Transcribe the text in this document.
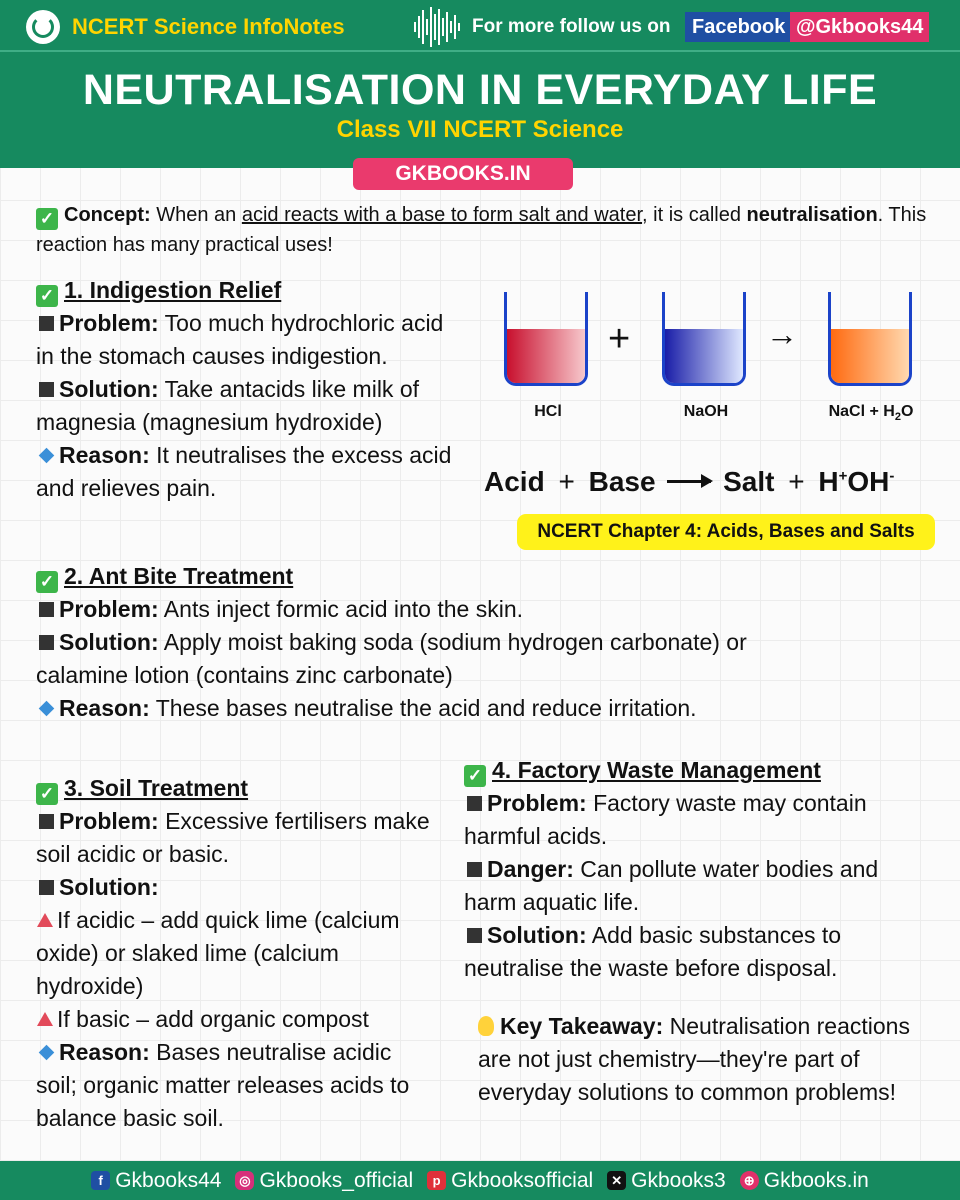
NCERT Science InfoNotes	For more follow us on	Facebook @Gkbooks44
NEUTRALISATION IN EVERYDAY LIFE
Class VII NCERT Science
GKBOOKS.IN
✓ Concept: When an acid reacts with a base to form salt and water, it is called neutralisation. This reaction has many practical uses!
✓ 1. Indigestion Relief
Problem: Too much hydrochloric acid in the stomach causes indigestion.
Solution: Take antacids like milk of magnesia (magnesium hydroxide)
Reason: It neutralises the excess acid and relieves pain.
+	→
HCl	NaOH	NaCl + $H_2O$
Acid + Base Salt + H+OH-
NCERT Chapter 4: Acids, Bases and Salts
✓ 2. Ant Bite Treatment
Problem: Ants inject formic acid into the skin.
Solution: Apply moist baking soda (sodium hydrogen carbonate) or calamine lotion (contains zinc carbonate)
Reason: These bases neutralise the acid and reduce irritation.
✓ 3. Soil Treatment
Problem: Excessive fertilisers make soil acidic or basic.
Solution:
If acidic – add quick lime (calcium oxide) or slaked lime (calcium hydroxide)
If basic – add organic compost
Reason: Bases neutralise acidic soil; organic matter releases acids to balance basic soil.
✓ 4. Factory Waste Management
Problem: Factory waste may contain harmful acids.
Danger: Can pollute water bodies and harm aquatic life.
Solution: Add basic substances to neutralise the waste before disposal.
Key Takeaway: Neutralisation reactions are not just chemistry—they're part of everyday solutions to common problems!
f Gkbooks44 ◎ Gkbooks_official	p Gkbooksofficial	✕ Gkbooks3	⊕ Gkbooks.in
